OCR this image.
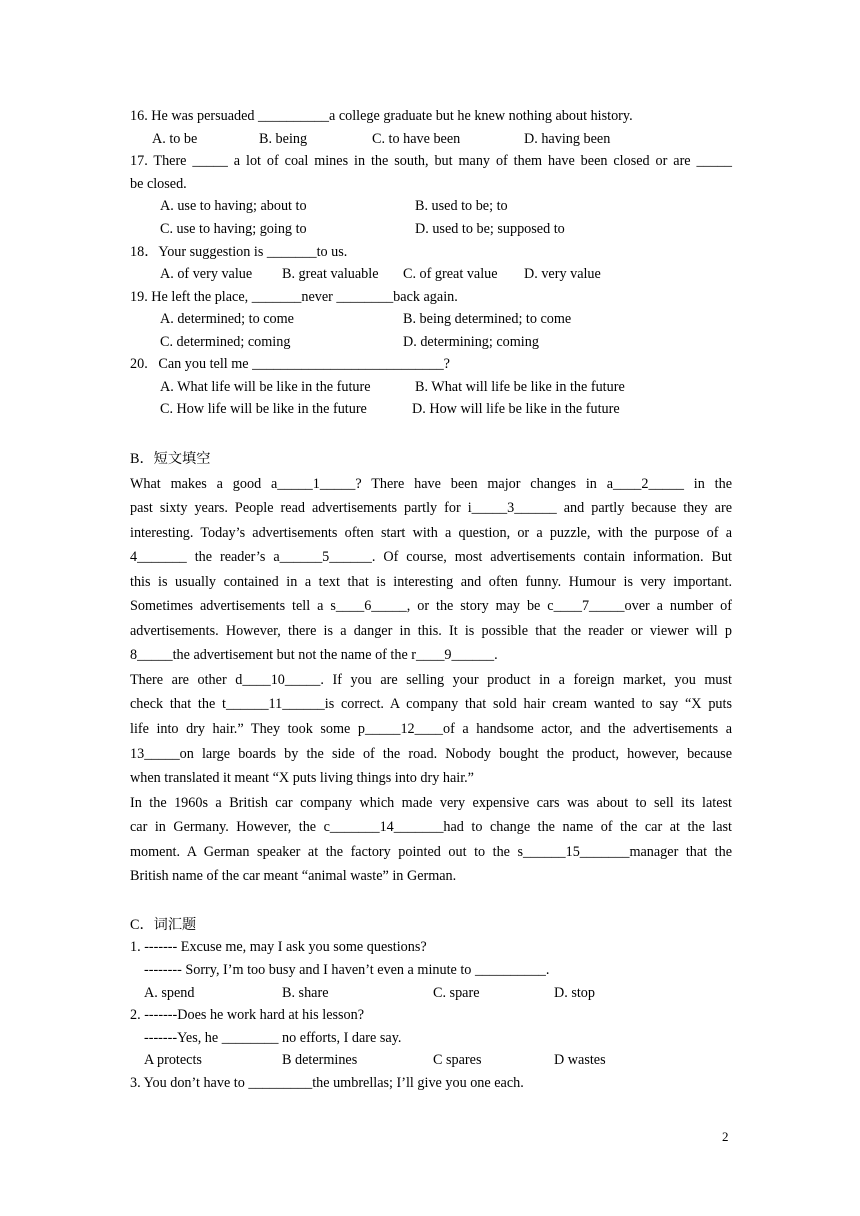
16. He was persuaded __________a college graduate but he knew nothing about history.
A. to be	B. being	C. to have been	D. having been
17. There _____ a lot of coal mines in the south, but many of them have been closed or are _____
be closed.
A. use to having; about to	B. used to be; to
C. use to having; going to	D. used to be; supposed to
18．Your suggestion is _______to us.
A. of very value B. great valuable C. of great value D. very value
19. He left the place, _______never ________back again.
A. determined; to come	B. being determined; to come
C. determined; coming	D. determining; coming
20.   Can you tell me ___________________________?
A. What life will be like in the future	B. What will life be like in the future
C. How life will be like in the future	D. How will life be like in the future
B．短文填空
What makes a good a_____1_____? There have been major changes in a____2_____ in the
past sixty years. People read advertisements partly for i_____3______ and partly because they are
interesting. Today’s advertisements often start with a question, or a puzzle, with the purpose of a
4_______ the reader’s a______5______. Of course, most advertisements contain information. But
this is usually contained in a text that is interesting and often funny. Humour is very important.
Sometimes advertisements tell a s____6_____, or the story may be c____7_____over a number of
advertisements. However, there is a danger in this. It is possible that the reader or viewer will p
8_____the advertisement but not the name of the r____9______.
There are other d____10_____. If you are selling your product in a foreign market, you must
check that the t______11______is correct. A company that sold hair cream wanted to say “X puts
life into dry hair.” They took some p_____12____of a handsome actor, and the advertisements a
13_____on large boards by the side of the road. Nobody bought the product, however, because
when translated it meant “X puts living things into dry hair.”
In the 1960s a British car company which made very expensive cars was about to sell its latest
car in Germany. However, the c_______14_______had to change the name of the car at the last
moment. A German speaker at the factory pointed out to the s______15_______manager that the
British name of the car meant “animal waste” in German.
C．词汇题
1. ------- Excuse me, may I ask you some questions?
-------- Sorry, I’m too busy and I haven’t even a minute to __________.
A. spend	B. share	C. spare	D. stop
2. -------Does he work hard at his lesson?
-------Yes, he ________ no efforts, I dare say.
A protects	B determines	C spares	D wastes
3. You don’t have to _________the umbrellas; I’ll give you one each.
2
